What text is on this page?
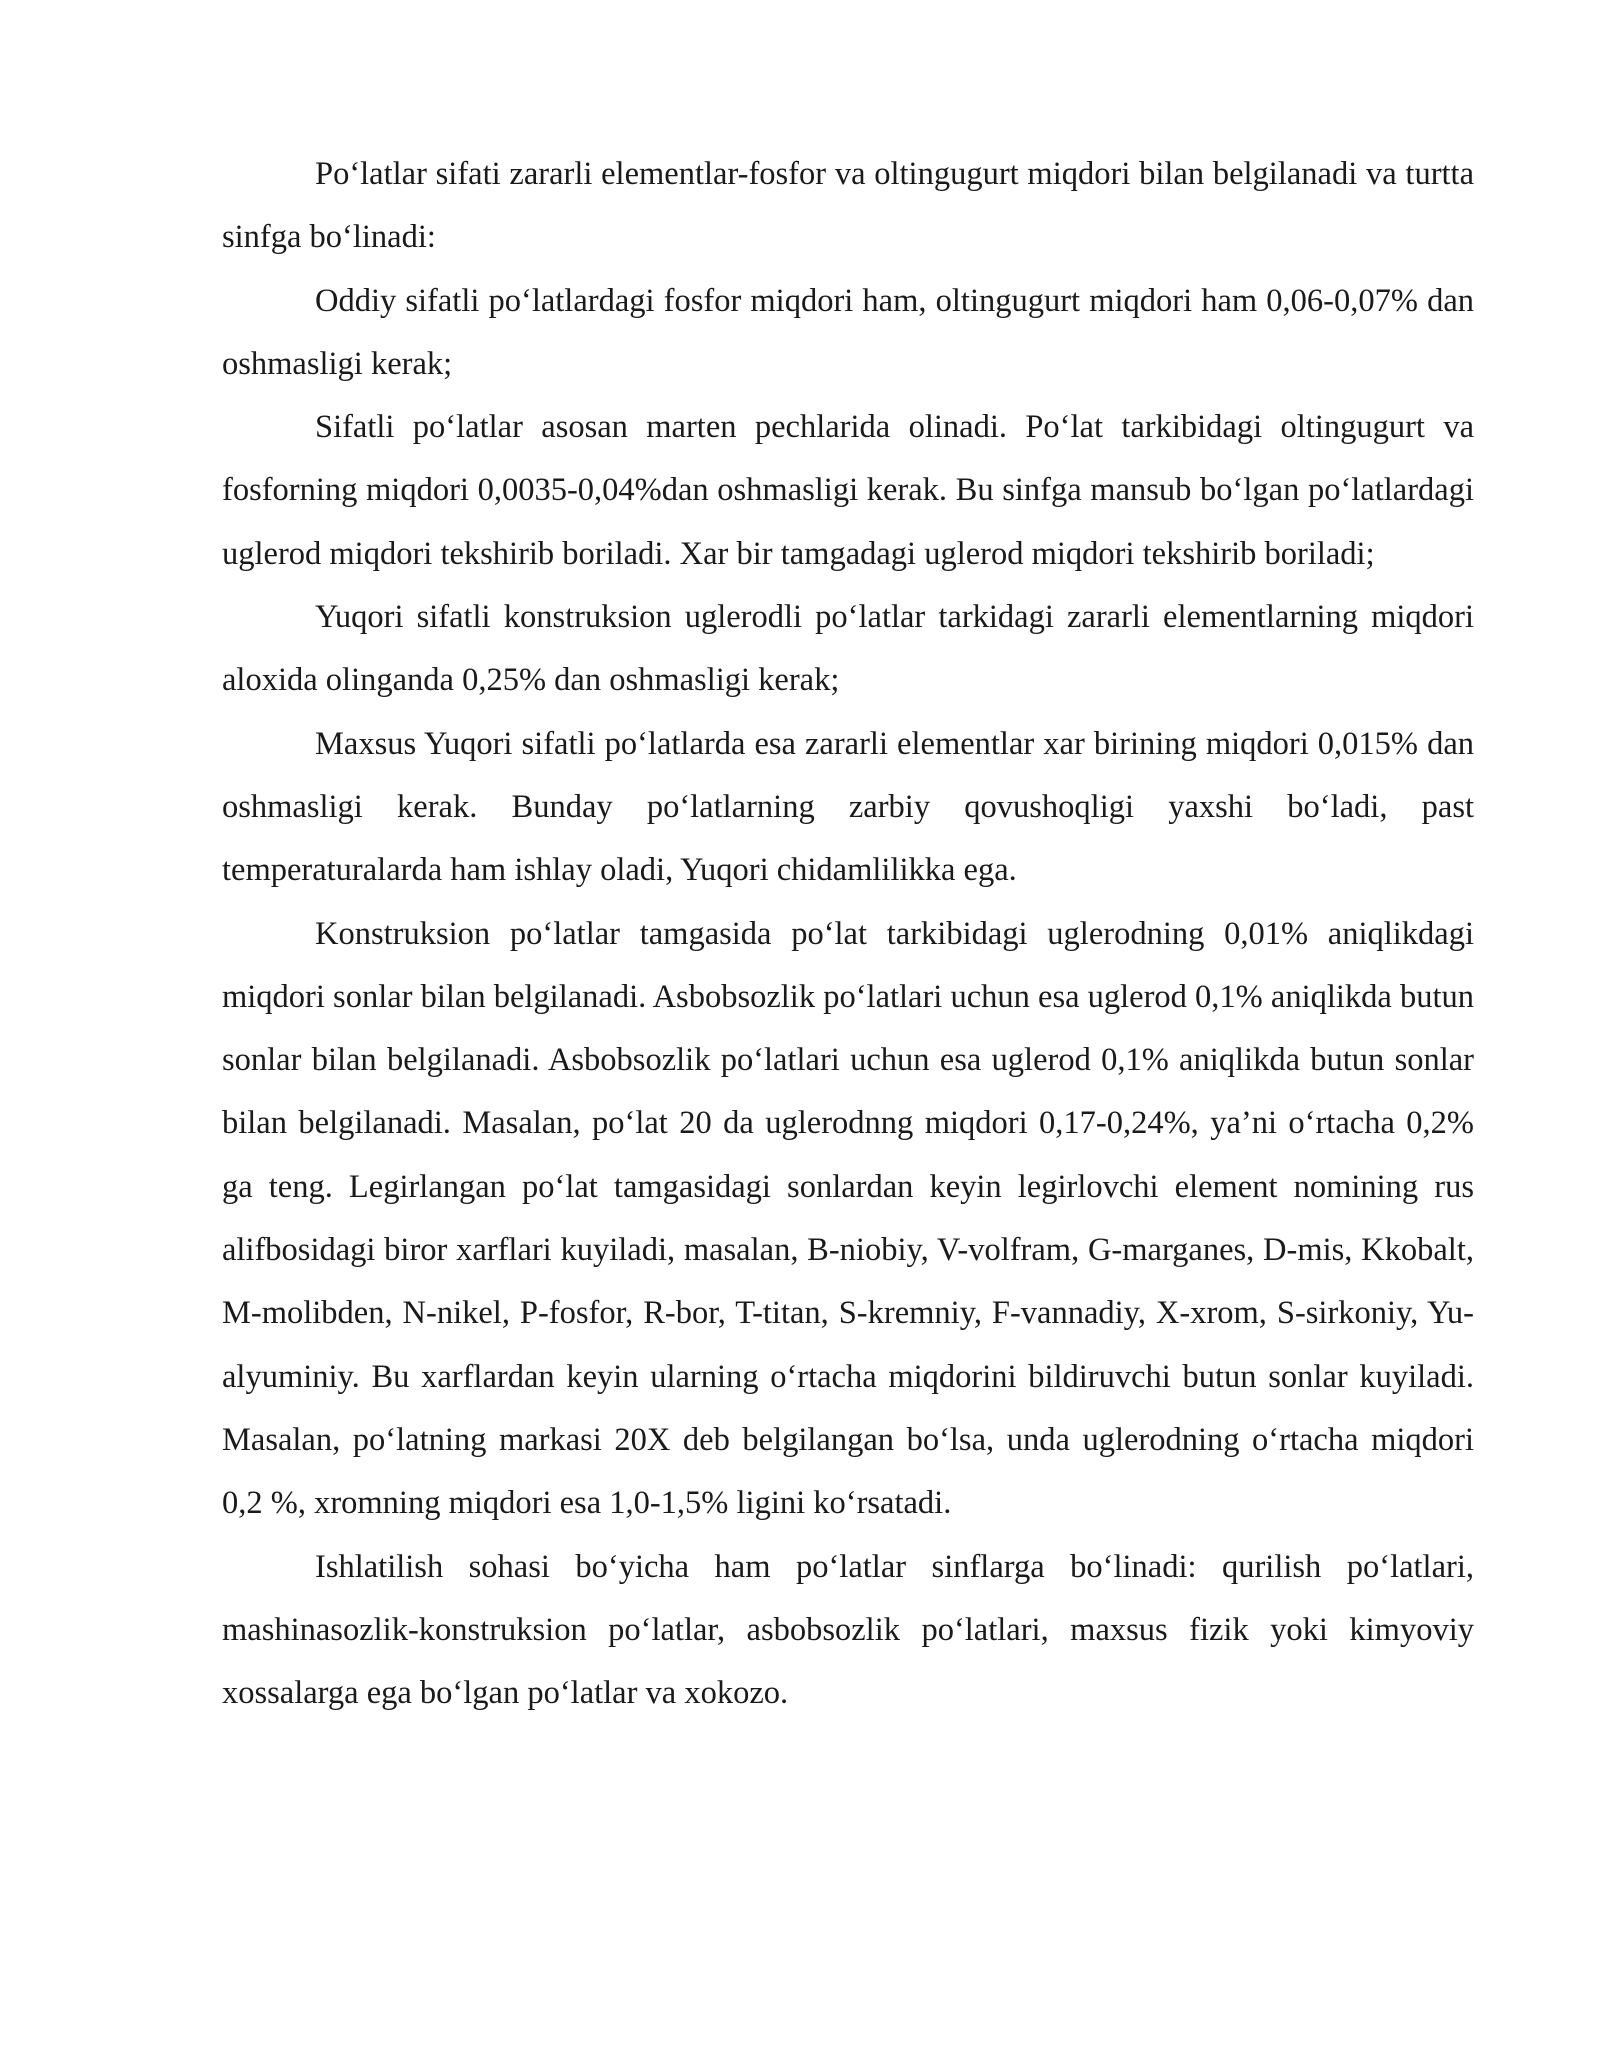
Po‘latlar sifati zararli elementlar-fosfor va oltingugurt miqdori bilan belgilanadi va turtta sinfga bo‘linadi:

Oddiy sifatli po‘latlardagi fosfor miqdori ham, oltingugurt miqdori ham 0,06-0,07% dan oshmasligi kerak;

Sifatli po‘latlar asosan marten pechlarida olinadi. Po‘lat tarkibidagi oltingugurt va fosforning miqdori 0,0035-0,04%dan oshmasligi kerak. Bu sinfga mansub bo‘lgan po‘latlardagi uglerod miqdori tekshirib boriladi. Xar bir tamgadagi uglerod miqdori tekshirib boriladi;

Yuqori sifatli konstruksion uglerodli po‘latlar tarkidagi zararli elementlarning miqdori aloxida olinganda 0,25% dan oshmasligi kerak;

Maxsus Yuqori sifatli po‘latlarda esa zararli elementlar xar birining miqdori 0,015% dan oshmasligi kerak. Bunday po‘latlarning zarbiy qovushoqligi yaxshi bo‘ladi, past temperaturalarda ham ishlay oladi, Yuqori chidamlilikka ega.

Konstruksion po‘latlar tamgasida po‘lat tarkibidagi uglerodning 0,01% aniqlikdagi miqdori sonlar bilan belgilanadi. Asbobsozlik po‘latlari uchun esa uglerod 0,1% aniqlikda butun sonlar bilan belgilanadi. Asbobsozlik po‘latlari uchun esa uglerod 0,1% aniqlikda butun sonlar bilan belgilanadi. Masalan, po‘lat 20 da uglerodnng miqdori 0,17-0,24%, ya’ni o‘rtacha 0,2% ga teng. Legirlangan po‘lat tamgasidagi sonlardan keyin legirlovchi element nomining rus alifbosidagi biror xarflari kuyiladi, masalan, B-niobiy, V-volfram, G-marganes, D-mis, Kkobalt, M-molibden, N-nikel, P-fosfor, R-bor, T-titan, S-kremniy, F-vannadiy, X-xrom, S-sirkoniy, Yu-alyuminiy. Bu xarflardan keyin ularning o‘rtacha miqdorini bildiruvchi butun sonlar kuyiladi. Masalan, po‘latning markasi 20X deb belgilangan bo‘lsa, unda uglerodning o‘rtacha miqdori 0,2 %, xromning miqdori esa 1,0-1,5% ligini ko‘rsatadi.

Ishlatilish sohasi bo‘yicha ham po‘latlar sinflarga bo‘linadi: qurilish po‘latlari, mashinasozlik-konstruksion po‘latlar, asbobsozlik po‘latlari, maxsus fizik yoki kimyoviy xossalarga ega bo‘lgan po‘latlar va xokozo.
